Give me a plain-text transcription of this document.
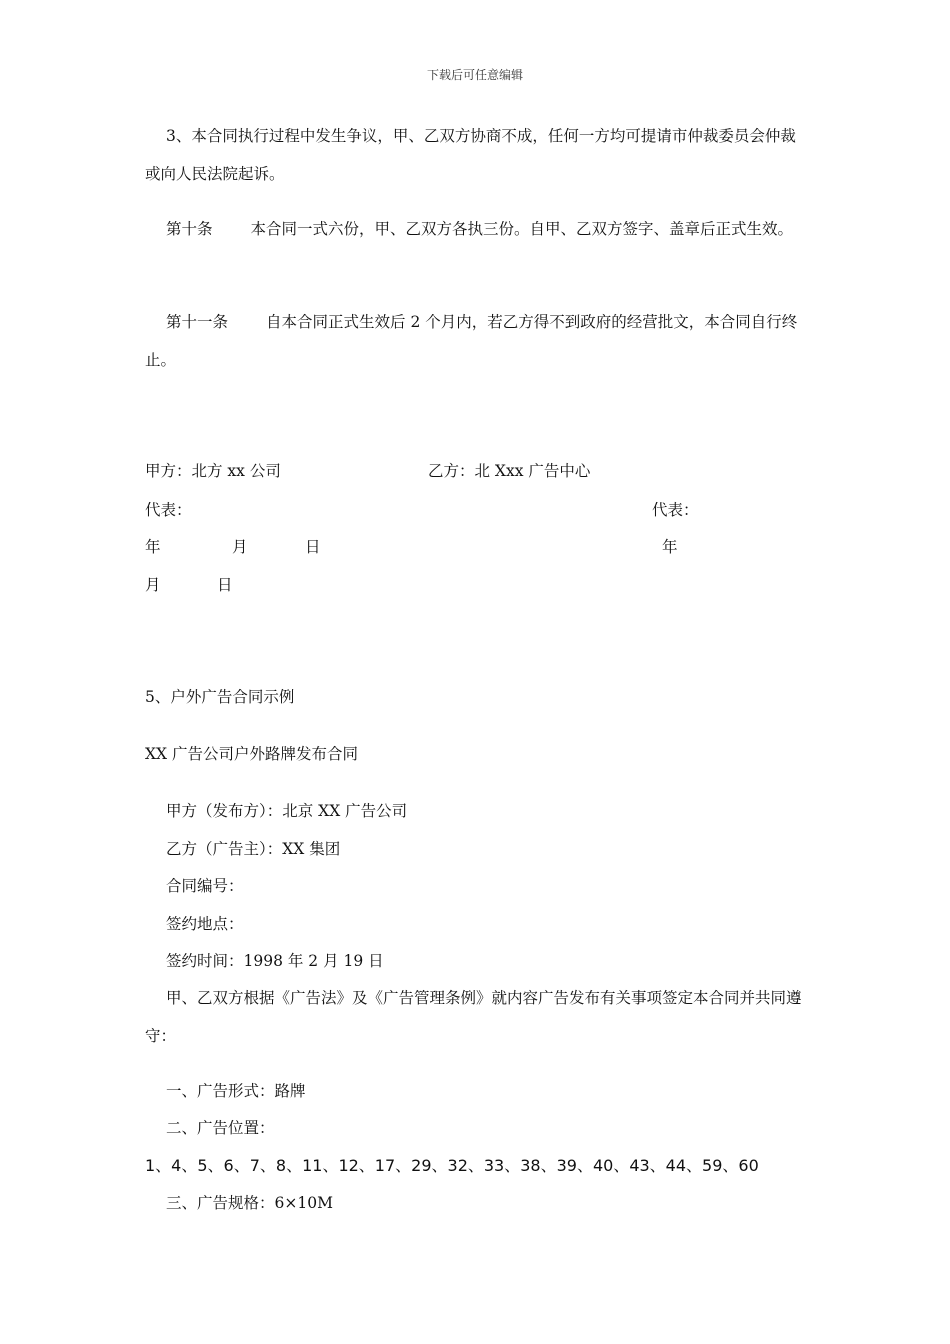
下载后可任意编辑

3、本合同执行过程中发生争议，甲、乙双方协商不成，任何一方均可提请市仲裁委员会仲裁或向人民法院起诉。

第十条 本合同一式六份，甲、乙双方各执三份。自甲、乙双方签字、盖章后正式生效。

第十一条 自本合同正式生效后 2 个月内，若乙方得不到政府的经营批文，本合同自行终止。

甲方：北方 xx 公司	乙方：北 Xxx 广告中心
代表：	代表：
年	月	日	年
月	日
5、户外广告合同示例
XX 广告公司户外路牌发布合同
甲方（发布方）：北京 XX 广告公司
乙方（广告主）：XX 集团
合同编号：
签约地点：
签约时间：1998 年 2 月 19 日

甲、乙双方根据《广告法》及《广告管理条例》就内容广告发布有关事项签定本合同并共同遵守：

一、广告形式：路牌
二、广告位置：
1、4、5、6、7、8、11、12、17、29、32、33、38、39、40、43、44、59、60
三、广告规格：6×10M
